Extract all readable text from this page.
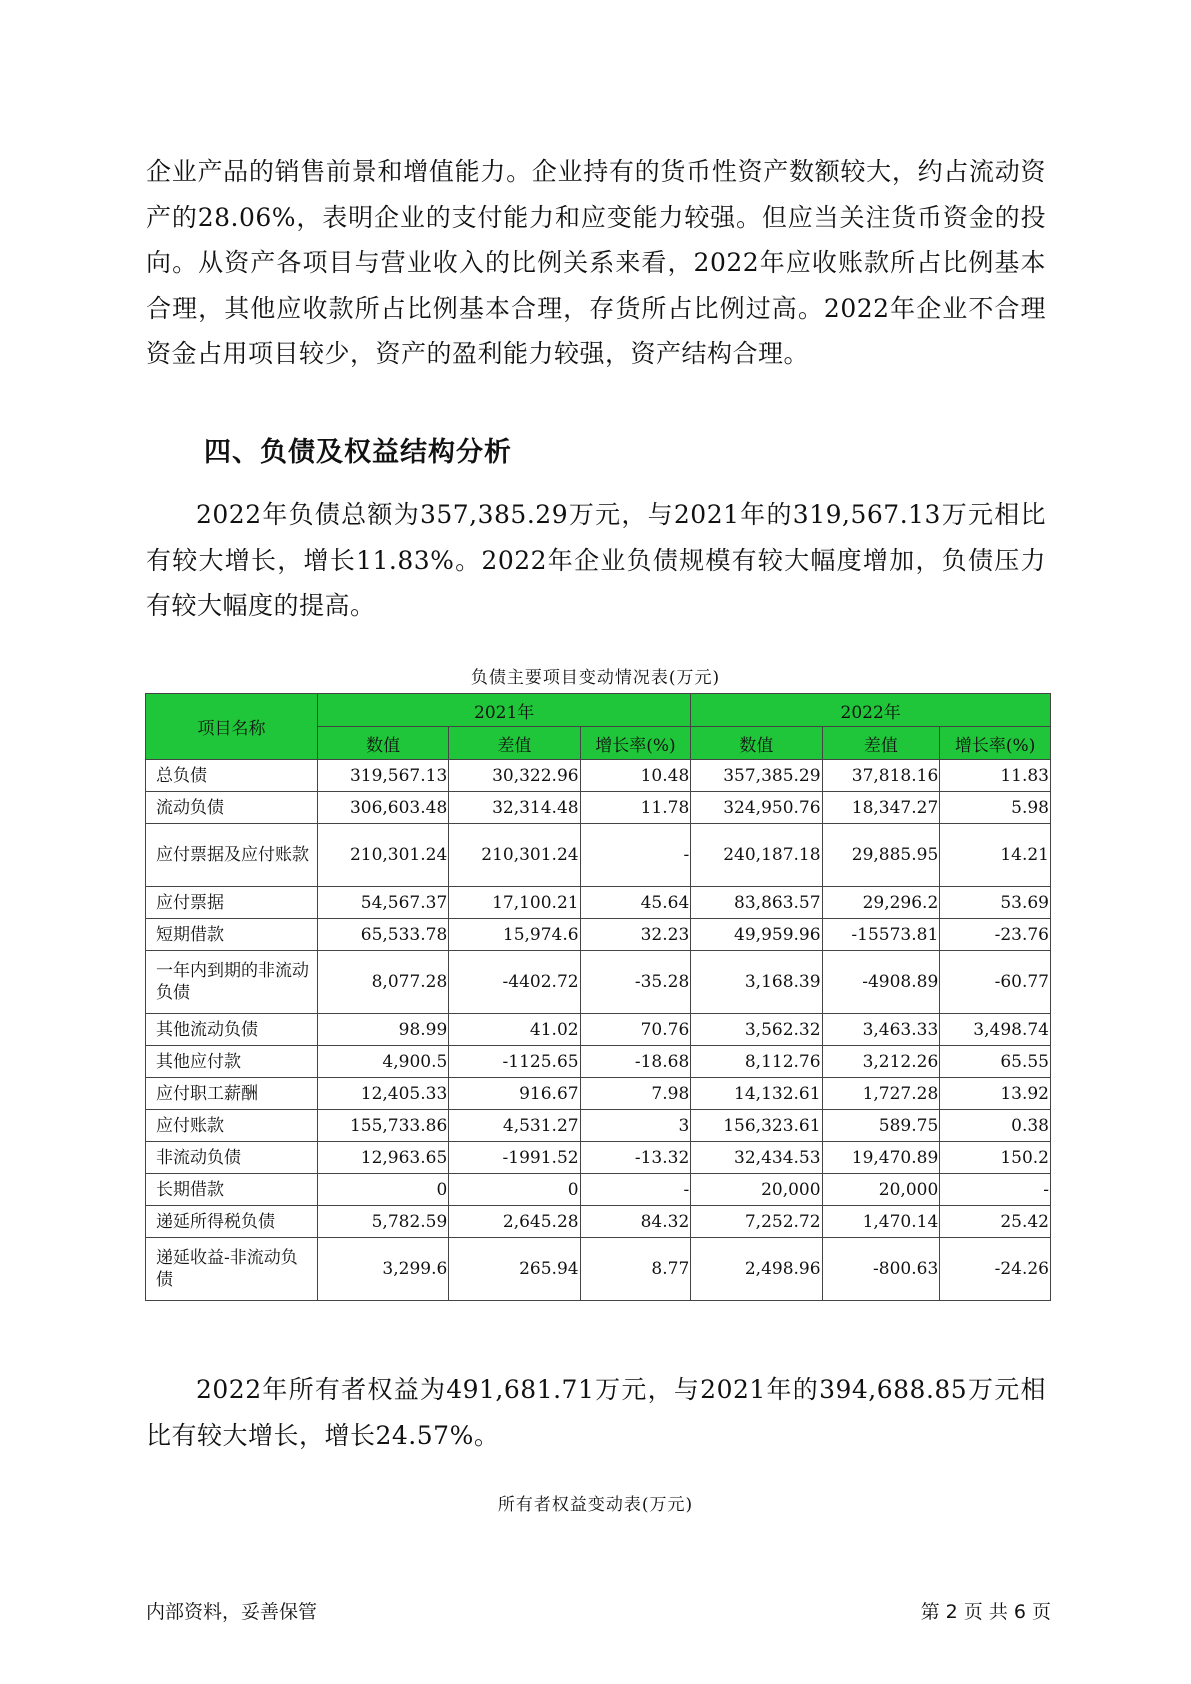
企业产品的销售前景和增值能力。企业持有的货币性资产数额较大，约占流动资产的28.06%，表明企业的支付能力和应变能力较强。但应当关注货币资金的投向。从资产各项目与营业收入的比例关系来看，2022年应收账款所占比例基本合理，其他应收款所占比例基本合理，存货所占比例过高。2022年企业不合理资金占用项目较少，资产的盈利能力较强，资产结构合理。

四、负债及权益结构分析

2022年负债总额为357,385.29万元，与2021年的319,567.13万元相比有较大增长，增长11.83%。2022年企业负债规模有较大幅度增加，负债压力有较大幅度的提高。

负债主要项目变动情况表(万元)

项目名称	2021年			2022年		
	数值	差值	增长率(%)	数值	差值	增长率(%)
总负债	319,567.13	30,322.96	10.48	357,385.29	37,818.16	11.83
流动负债	306,603.48	32,314.48	11.78	324,950.76	18,347.27	5.98
应付票据及应付账款	210,301.24	210,301.24	-	240,187.18	29,885.95	14.21
应付票据	54,567.37	17,100.21	45.64	83,863.57	29,296.2	53.69
短期借款	65,533.78	15,974.6	32.23	49,959.96	-15573.81	-23.76
一年内到期的非流动负债	8,077.28	-4402.72	-35.28	3,168.39	-4908.89	-60.77
其他流动负债	98.99	41.02	70.76	3,562.32	3,463.33	3,498.74
其他应付款	4,900.5	-1125.65	-18.68	8,112.76	3,212.26	65.55
应付职工薪酬	12,405.33	916.67	7.98	14,132.61	1,727.28	13.92
应付账款	155,733.86	4,531.27	3	156,323.61	589.75	0.38
非流动负债	12,963.65	-1991.52	-13.32	32,434.53	19,470.89	150.2
长期借款	0	0	-	20,000	20,000	-
递延所得税负债	5,782.59	2,645.28	84.32	7,252.72	1,470.14	25.42
递延收益-非流动负债	3,299.6	265.94	8.77	2,498.96	-800.63	-24.26

2022年所有者权益为491,681.71万元，与2021年的394,688.85万元相比有较大增长，增长24.57%。

所有者权益变动表(万元)

内部资料，妥善保管	第 2 页 共 6 页
